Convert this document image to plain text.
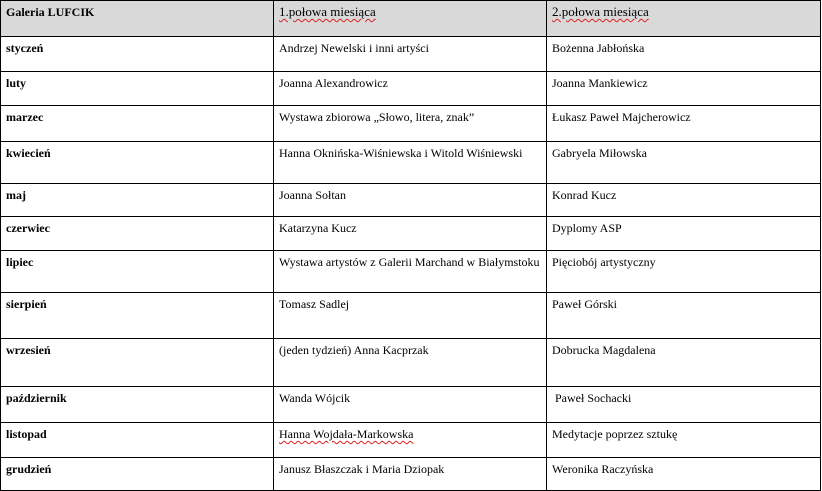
Galeria LUFCIK	1.połowa miesiąca	2.połowa miesiąca
styczeń	Andrzej Newelski i inni artyści	Bożenna Jabłońska
luty	Joanna Alexandrowicz	Joanna Mankiewicz
marzec	Wystawa zbiorowa „Słowo, litera, znak”	Łukasz Paweł Majcherowicz
kwiecień	Hanna Oknińska-Wiśniewska i Witold Wiśniewski	Gabryela Miłowska
maj	Joanna Sołtan	Konrad Kucz
czerwiec	Katarzyna Kucz	Dyplomy ASP
lipiec	Wystawa artystów z Galerii Marchand w Białymstoku	Pięciobój artystyczny
sierpień	Tomasz Sadlej	Paweł Górski
wrzesień	(jeden tydzień) Anna Kacprzak	Dobrucka Magdalena
październik	Wanda Wójcik	Paweł Sochacki
listopad	Hanna Wojdała-Markowska	Medytacje poprzez sztukę
grudzień	Janusz Błaszczak i Maria Dziopak	Weronika Raczyńska
